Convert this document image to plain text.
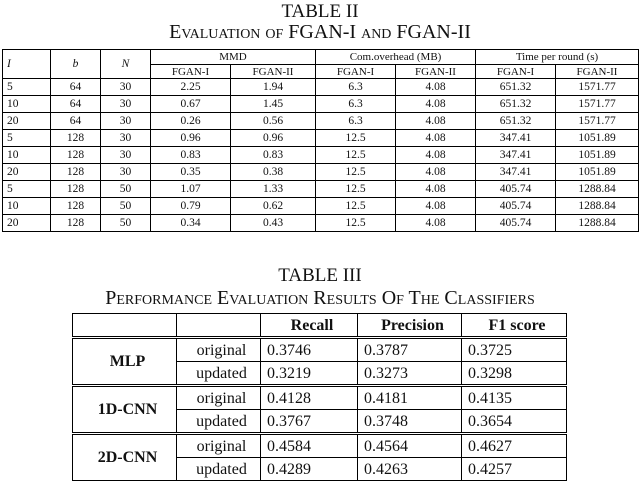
TABLE II
Evaluation of FGAN-I and FGAN-II
I	b	N	MMD		Com.overhead (MB)		Time per round (s)	
			FGAN-I	FGAN-II	FGAN-I	FGAN-II	FGAN-I	FGAN-II
5	64	30	2.25	1.94	6.3	4.08	651.32	1571.77
10	64	30	0.67	1.45	6.3	4.08	651.32	1571.77
20	64	30	0.26	0.56	6.3	4.08	651.32	1571.77
5	128	30	0.96	0.96	12.5	4.08	347.41	1051.89
10	128	30	0.83	0.83	12.5	4.08	347.41	1051.89
20	128	30	0.35	0.38	12.5	4.08	347.41	1051.89
5	128	50	1.07	1.33	12.5	4.08	405.74	1288.84
10	128	50	0.79	0.62	12.5	4.08	405.74	1288.84
20	128	50	0.34	0.43	12.5	4.08	405.74	1288.84
TABLE III
Performance Evaluation Results Of The Classifiers
		Recall	Precision	F1 score
MLP	original	0.3746	0.3787	0.3725
	updated	0.3219	0.3273	0.3298
1D-CNN	original	0.4128	0.4181	0.4135
	updated	0.3767	0.3748	0.3654
2D-CNN	original	0.4584	0.4564	0.4627
	updated	0.4289	0.4263	0.4257
